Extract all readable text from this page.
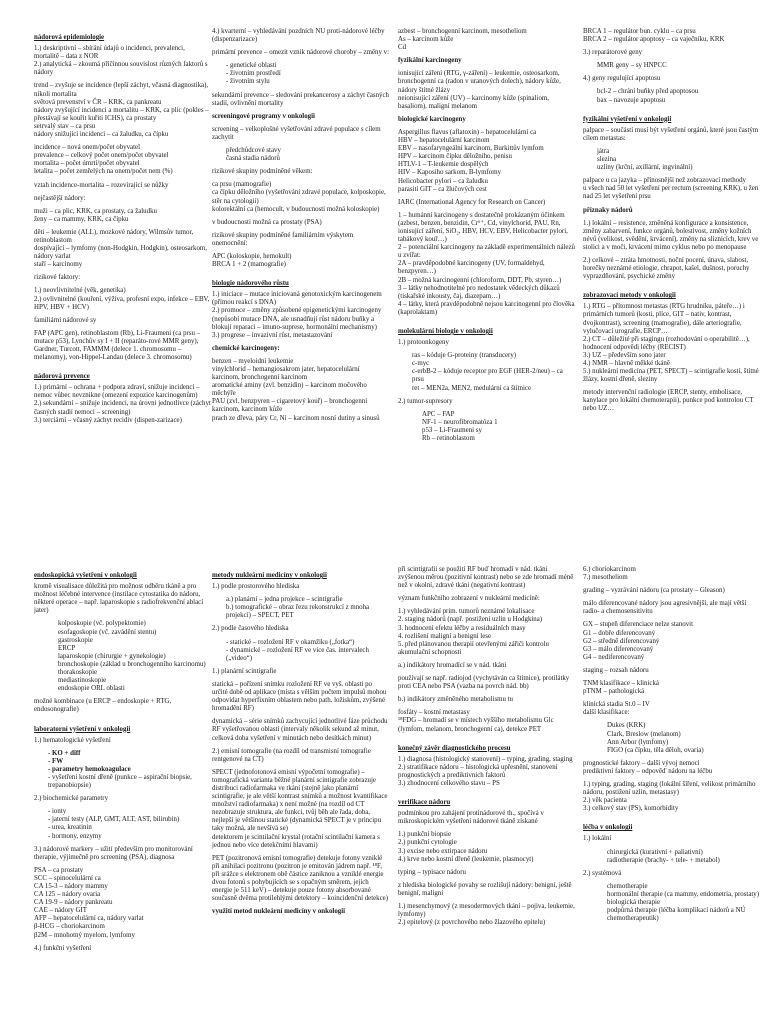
nádorová epidemiologie
1.) deskriptivní – sbírání údajů o incidenci, prevalenci, mortalitě – data z NOR
2.) analytická – zkoumá příčinnou souvislost různých faktorů s nádory
trend – zvyšuje se incidence (lepší záchyt, včasná diagnostika), nikoli mortalita
světová prevenství v ČR – KRK, ca pankreatu
nádory zvyšující incidenci a mortalitu – KRK, ca plic (pokles – přestávají se kouřit kuřiti ICHS), ca prostaty
setrvalý stav – ca prsu
nádory snižující incidenci – ca žaludku, ca čípku
incidence – nová onem/počet obyvatel
prevalence – celkový počet onem/počet obyvatel
mortalita – počet úmrtí/počet obyvatel
letalita – počet zemřelých na onem/počet nem (%)
vztah incidence-mortalita – rozevírající se nůžky
nejčastější nádory:
muži – ca plic, KRK, ca prostaty, ca žaludku
ženy – ca mammy, KRK, ca čípku
děti – leukemie (ALL), mozkové nádory, Wilmsův tumor, retinoblastom
dospívající – lymfomy (non-Hodgkin, Hodgkin), osteosarkom, nádory varlat
staří – karcinomy
rizikové faktory:
1.) neovlivnitelné (věk, genetika)
2.) ovlivnitelné (kouření, výživa, profesní expo, infekce – EBV, HPV, HBV + HCV)
familiární nádorové sy
FAP (APC gen), retinoblastom (Rb), Li-Fraumeni (ca prsu – mutace p53), Lynchův sy I + II (reparáto-rové MMR geny), Gardner, Turcott, FAMMM (delece 1. chromosomu – melanomy), von-Hippel-Landau (delece 3. chromosomu)
nádorová prevence
1.) primární – ochrana + podpora zdraví, snižuje incidenci – nemoc vůbec nevznikne (omezení expozice karcinogenům)
2.) sekundární – snižuje incidenci, na úrovni jednotlivce (záchyt časných stadií nemoci – screening)
3.) terciární – včasný záchyt recidiv (dispen-zarizace)
4.) kvarterní – vyhledávání pozdních NÚ proti-nádorové léčby (dispenzarizace)
primární prevence – omezit vznik nádorové choroby – změny v:
- genetické oblasti
- životním prostředí
- životním stylu
sekundární prevence – sledování prekancerosy a záchyt časných stadií, ovlivnění mortality
screeningové programy v onkologii
screening – velkoplošné vyšetřování zdravé populace s cílem zachytit
předchůdcové stavy
časná stadia nádorů
rizikové skupiny podmíněné věkem:
ca prsu (mamografie)
ca čípku děložního (vyšetřování zdravé populace, kolposkopie, stěr na cytologii)
kolorektální ca (hemocult, v budoucnosti možná koloskopie)
v budoucnosti možná ca prostaty (PSA)
rizikové skupiny podmíněné familiárním výskytem onemocnění:
APC (koloskopie, hemokult)
BRCA 1 + 2 (mamografie)
biologie nádorového růstu
1.) iniciace – mutace iniciovaná genotoxickým karcinogenem (přímou reakcí s DNA)
2.) promoce – změny způsobené epigenetickými karcinogeny (nepůsobí mutace DNA, ale usnadňují růst nádoru buňky a blokují reparaci – imuno-suprese, hormonální mechanismy)
3.) progrese – invazivní růst, metastazování
chemické karcinogeny:
benzen – myeloidní leukemie
vinylchlorid – hemangiosakrom jater, hepatocelulární karcinom, bronchogenní karcinom
aromatické aminy (zvl. benzidin) – karcinom močového měchýře
PAU (zvl. benzpyren – cigaretový kouř) – bronchogenní karcinom, karcinom kůže
prach ze dřeva, páry Cr, Ni – karcinom nosní dutiny a sinusů
azbest – bronchogenní karcinom, mesotheliom
As – karcinom kůže
Cd
fyzikální karcinogeny
ionisující záření (RTG, γ-záření) – leukemie, osteosarkom, bronchogenní ca (radon v uranových dolech), nádory kůže, nádory štítné žlázy
neionisující záření (UV) – karcinomy kůže (spinaliom, basaliom), maligní melanom
biologické karcinogeny
Aspergillus flavus (aflatoxin) – hepatocelulární ca
HBV – hepatocelulární karcinom
EBV – nasofaryngeální karcinom, Burkittův lymfom
HPV – karcinom čípku děložního, penisu
HTLV-1 – T-leukemie dospělých
HIV – Kaposiho sarkom, B-lymfomy
Helicobacter pylori – ca žaludku
parasití GIT – ca žlučových cest
IARC (International Agency for Research on Cancer)
1 – humánní karcinogeny s dostatečně prokázaným účinkem (azbest, benzen, benzidin, Cr⁶⁺, Cd, vinylchorid, PAU, Rn, ionisující záření, SiO₂, HBV, HCV, EBV, Helicobacter pylori, tabákový kouř…)
2 – potenciální karcinogeny na základě experimentálních nálezů u zvířat:
2A – pravděpodobné karcinogeny (UV, formaldehyd, benzpyren…)
2B – možná karcinogenní (chloroform, DDT, Pb, styren…)
3 – látky nehodnotitelné pro nedostatek vědeckých důkazů (tiskařské inkousty, čaj, diazepam…)
4 – látky, která pravděpodobně nejsou karcinogenní pro člověka (kaprolaktam)
molekulární biologie v onkologii
1.) protoonkogeny
ras – kóduje G-proteiny (transducery)
c-myc
c-erbB-2 – kóduje receptor pro EGF (HER-2/neu) – ca prsu
ret – MEN2a, MEN2, medulární ca štítnice
2.) tumor-supresory
APC – FAP
NF-1 – neurofibromatóza 1
p53 – Li-Fraumeni sy
Rb – retinoblastom
BRCA 1 – regulátor bun. cyklu – ca prsu
BRCA 2 – regulátor apoptosy – ca vaječníku, KRK
3.) reparátorové geny
MMR geny – sy HNPCC
4.) geny regulující apoptosu
bcl-2 – chrání buňky před apoptosou
bax – navozuje apoptosu
fyzikální vyšetření v onkologii
palpace – součástí musí být vyšetření orgánů, které jsou častým cílem metastas:
játra
slezina
uzliny (krční, axillární, ingvinální)
palpace u ca jazyka – přínosnější než zobrazovací methody
u všech nad 50 let vyšetření per rectum (screening KRK), u žen nad 25 let vyšetření prsu
příznaky nádorů
1.) lokální – resistence, změněná konfigurace a konsistence, změny zabarvení, funkce orgánů, bolestivost, změny kožních névů (velikost, svědění, krvácení), změny na sliznicích, krev ve stolici a v moči, krvácení mimo cyklus nebo po menopause
2.) celkové – ztráta hmotnosti, noční pocení, únava, slabost, horečky neznámé etiologie, chrapot, kašel, dušnost, poruchy vyprazdňování, psychické změny
zobrazovací metody v onkologii
1.) RTG – přítomnost metastas (RTG hrudníku, páteře…) i primárních tumorů (kosti, plíce, GIT – nativ, kontrast, dvojkontrast), screening (mamografie), dále arteriografie, vylučovací urografie, ERCP…
2.) CT – důležité při stagingu (rozhodování o operabilitě…), hodnocení odpovědi léčby (RECIST)
3.) UZ – především sono jater
4.) NMR – hlavně měkké tkáně
5.) nukleární medicína (PET, SPECT) – scintigrafie kostí, štítné žlázy, kostní dřeně, sleziny
metody intervenční radiologie (ERCP, stenty, embolisace, kanylace pro lokální chemoterapii), punkce pod kontrolou CT nebo UZ…
endoskopická vyšetření v onkologii
kromě visualisace důležitá pro možnost odběru tkáně a pro možnost léčebné intervence (instilace cytostatika do nádoru, některé operace – např. laparoskopie s radiofrekvenční ablací jater)
kolposkopie (vč. polypektomie)
esofagoskopie (vč. zavádění stentu)
gastroskopie
ERCP
laparoskopie (chirurgie + gynekologie)
bronchoskopie (základ u bronchogenního karcinomu)
thorakoskopie
mediastinoskopie
endoskopie ORL oblasti
možné kombinace (u ERCP – endoskopie + RTG, endosonografie)
laboratorní vyšetření v onkologii
1.) hematologické vyšetření
- KO + diff
- FW
- parametry hemokoagulace
- vyšetření kostní dřeně (punkce – aspirační biopsie, trepanobiopsie)
2.) biochemické parametry
- ionty
- jaterní testy (ALP, GMT, ALT, AST, bilirubin)
- urea, kreatinin
- hormony, enzymy
3.) nádorové markery – užití především pro monitorování therapie, výjimečně pro screening (PSA), diagnosa
PSA – ca prostaty
SCC – spinocelulární ca
CA 15-3 – nádory mammy
CA 125 – nádory ovaria
CA 19-9 – nádory pankreatu
CAE – nádory GIT
AFP – hepatocelulární ca, nádory varlat
β-HCG – choriokarcinom
β2M – mnohotný myelom, lymfomy
4.) funkční vyšetření
metody nukleární medicíny v onkologii
1.) podle prostorového hlediska
a.) planární – jedna projekce – scintigrafie
b.) tomografické – obraz řezu rekonstrukcí z mnoha projekcí) – SPECT, PET
2.) podle časového hlediska
- statické – rozložení RF v okamžiku („fotka“)
- dynamické – rozložení RF ve více čas. intervalech („video“)
1.) planární scintigrafie
statická – pořízení snímku rozložení RF ve vyš. oblasti po určité době od aplikace (místa s vělším počtem impulsů mohou odpovídat hyperfixním oblastem nebo path. ložiskům, zvýšené hromadění RF)
dynamická – série snímků zachycující jednotlivé fáze průchodu RF vyšetřovanou oblastí (intervaly několik sekund až minut, celková doba vyšetření v minutách nebo desítkách minut)
2.) emisní tomografie (na rozdíl od transmisní tomografie rentgenové na CT)
SPECT (jednofotonová emisní výpočetní tomografie) – tomografická varianta běžné planární scintigrafie zobrazuje distribuci radiofarmaka ve tkáni (stejně jako planární scintigrafie, je ale větší kontrast snímků a možnost kvantifikace množství radiofarmaka) x není možné (na rozdíl od CT nezobrazuje struktura, ale funkci, tvůj běh ale řada, doba, nejlepší je většinou statické (dynamická SPECT je v principu taky možná, ale nevšívá se)
detektorem je scintilační krystal (rotační scintilační kamera s jednou nebo více detekčními hlavami)
PET (pozitronová emisní tomografie) detekuje fotony vzniklé při anihilaci pozitronu (pozitron je emitován jádrem např. ¹⁸F, při srážce s elektronem obě částice zaniknou a vzniklé energie dvou fotonů s pohybujících se s opačným směrem, jejich energie je 511 keV) – detekuje pouze fotony absorbované současně dvěma protilehlými detektory – koincidenční detekce)
využití metod nukleární medicíny v onkologii
při scintigrafii se použití RF buď hromadí v nád. tkáni zvýšenou měrou (pozitivní kontrast) nebo se zde hromadí méně než v okolní, zdravé tkáni (negativní kontrast)
význam funkčního zobrazení v nukleární medicíně:
1.) vyhledávání prim. tumorů neznámé lokalisace
2. staging nádorů (např. postižení uzlin u Hodgkina)
3. hodnocení efektu léčby a residuálních masy
4. rozlišení maligní a benigní lese
5. před plánovanou therapií otevřenými zářiči kontrolu akumulační schopnosti
a.) indikátory hromadící se v nád. tkáni
používají se např. radiojod (vychytáván ca štítnice), protilátky proti CEA nebo PSA (vazba na povrch nád. bb)
b.) indikátory změněného metabolismu tu
fosfáty – kostní metastasy
¹⁸FDG – hromadí se v místech vyššího metabolismu Glc (lymfom, melanom, bronchogenní ca), detekce PET
konečný závěr diagnostického procesu
1.) diagnosa (histologický stanovení) – typing, grading, staging
2.) stratifikace nádoru – histologická upřesnění, stanovení prognostických a prediktivních faktorů
3.) zhodnocení celkového stavu – PS
verifikace nádoru
podmínkou pro zahájení protinádorové th., spočívá v mikroskopickém vyšetření nádorové tkáně získané
1.) punkční biopsie
2.) punkční cytologie
3.) excise nebo extirpace nádoru
4.) krve nebo kostní dřeně (leukemie, plasmocyt)
typing – typisace nádoru
z hlediska biologické povahy se rozlišují nádory: benigní, ještě benigní, maligní
1.) mesenchymový (z mesodermových tkání – pojiva, leukemie, lymfomy)
2.) epitelový (z povrchového nebo žlazového epitelu)
6.) choriokarcinom
7.) mesotheliom
grading – vyzrávání nádoru (ca prostaty – Gleason)
málo diferencované nádory jsou agresivnější, ale mají větší radio- a chemosensitivitu
GX – stupeň diferenciace nelze stanovit
G1 – dobře diferencovaný
G2 – středně diferencovaný
G3 – málo diferencovaný
G4 – nediferencovaný
staging – rozsah nádoru
TNM klasifikace – klinická
pTNM – pathologická
klinická stadia St.0 – IV
další klasifikace:
Dukes (KRK)
Clark, Breslow (melanom)
Ann Arbor (lymfomy)
FIGO (ca čípku, těla děloh, ovaria)
prognostické faktory – další vývoj nemoci
prediktivní faktory – odpověď nádoru na léčbu
1.) typing, grading, staging (lokální šíření, velikost primárního nádoru, postižení uzlin, metastasy)
2.) věk pacienta
3.) celkový stav (PS), komorbidity
léčba v onkologii
1.) lokální
chirurgická (kurativní + paliativní)
radiotherapie (brachy- + tele- + metabol)
2.) systémová
chemotherapie
hormonální therapie (ca mammy, endometria, prostaty)
biologická therapie
podpůrná therapie (léčba komplikací nádorů a NÚ chemotherapeutik)
